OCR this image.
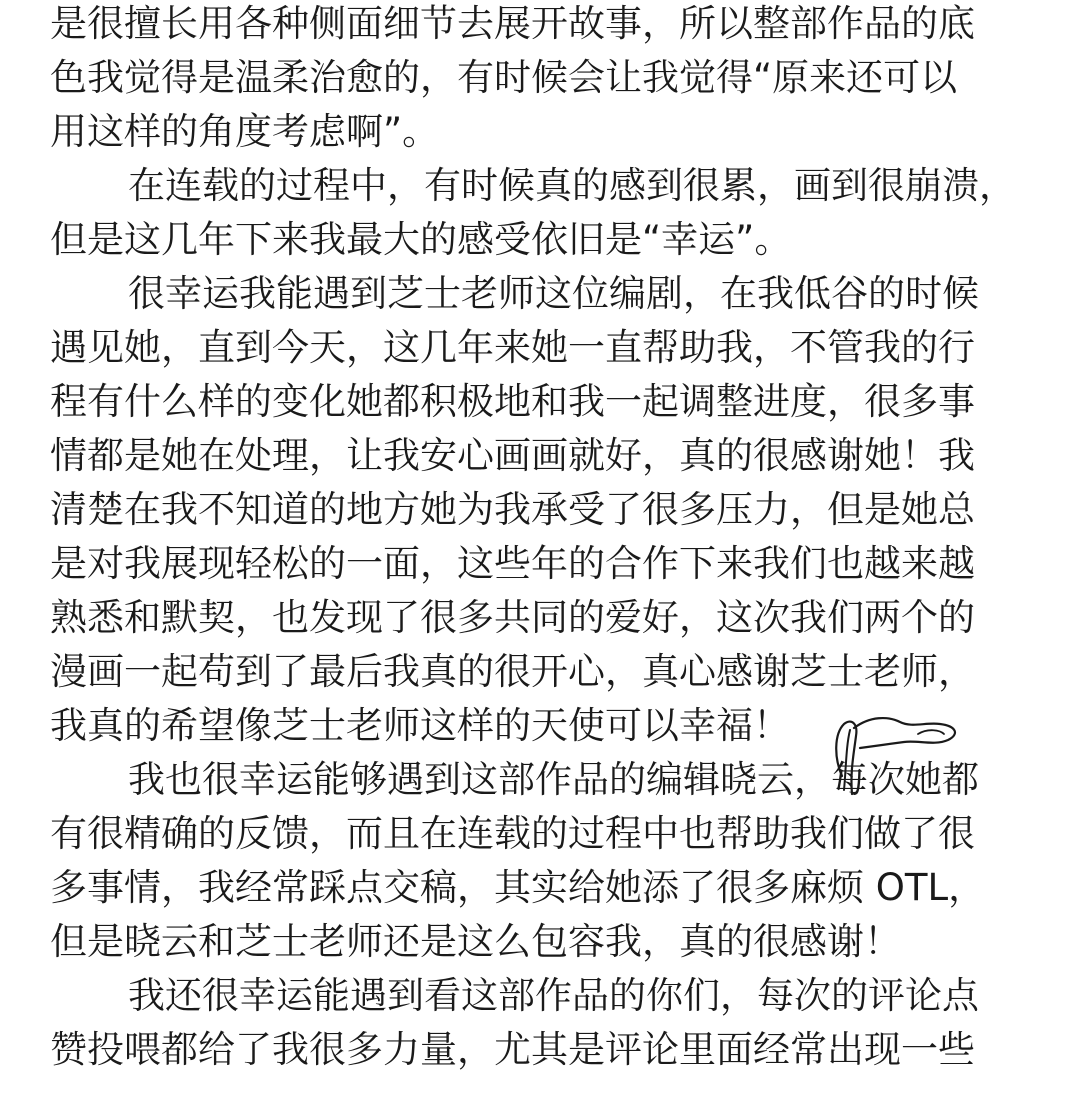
是很擅长用各种侧面细节去展开故事，所以整部作品的底
色我觉得是温柔治愈的，有时候会让我觉得“原来还可以
用这样的角度考虑啊”。
在连载的过程中，有时候真的感到很累，画到很崩溃，
但是这几年下来我最大的感受依旧是“幸运”。
很幸运我能遇到芝士老师这位编剧，在我低谷的时候
遇见她，直到今天，这几年来她一直帮助我，不管我的行
程有什么样的变化她都积极地和我一起调整进度，很多事
情都是她在处理，让我安心画画就好，真的很感谢她！我
清楚在我不知道的地方她为我承受了很多压力，但是她总
是对我展现轻松的一面，这些年的合作下来我们也越来越
熟悉和默契，也发现了很多共同的爱好，这次我们两个的
漫画一起苟到了最后我真的很开心，真心感谢芝士老师，
我真的希望像芝士老师这样的天使可以幸福！
我也很幸运能够遇到这部作品的编辑晓云，每次她都
有很精确的反馈，而且在连载的过程中也帮助我们做了很
多事情，我经常踩点交稿，其实给她添了很多麻烦 OTL，
但是晓云和芝士老师还是这么包容我，真的很感谢！
我还很幸运能遇到看这部作品的你们，每次的评论点
赞投喂都给了我很多力量，尤其是评论里面经常出现一些
